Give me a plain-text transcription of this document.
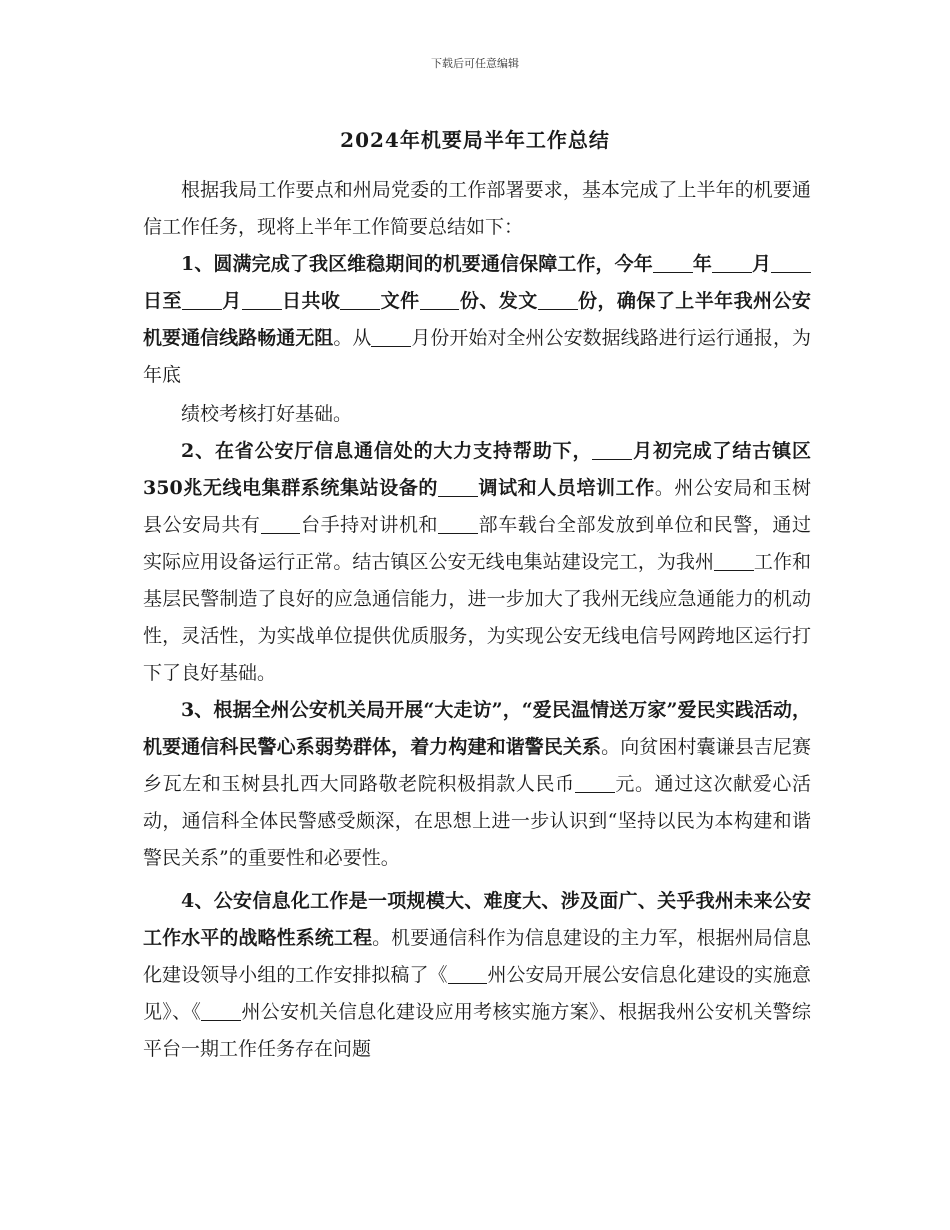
下载后可任意编辑
2024年机要局半年工作总结

根据我局工作要点和州局党委的工作部署要求，基本完成了上半年的机要通信工作任务，现将上半年工作简要总结如下：

1、圆满完成了我区维稳期间的机要通信保障工作，今年 年 月日至 月 日共收 文件 份、发文 份，确保了上半年我州公安机要通信线路畅通无阻。从 月份开始对全州公安数据线路进行运行通报，为年底

绩校考核打好基础。

2、在省公安厅信息通信处的大力支持帮助下， 月初完成了结古镇区350兆无线电集群系统集站设备的 调试和人员培训工作。州公安局和玉树县公安局共有 台手持对讲机和 部车载台全部发放到单位和民警，通过实际应用设备运行正常。结古镇区公安无线电集站建设完工，为我州 工作和基层民警制造了良好的应急通信能力，进一步加大了我州无线应急通能力的机动性，灵活性，为实战单位提供优质服务，为实现公安无线电信号网跨地区运行打下了良好基础。

3、根据全州公安机关局开展“大走访”，“爱民温情送万家”爱民实践活动，机要通信科民警心系弱势群体，着力构建和谐警民关系。向贫困村囊谦县吉尼赛乡瓦左和玉树县扎西大同路敬老院积极捐款人民币 元。通过这次献爱心活动，通信科全体民警感受颇深，在思想上进一步认识到“坚持以民为本构建和谐警民关系”的重要性和必要性。

4、公安信息化工作是一项规模大、难度大、涉及面广、关乎我州未来公安工作水平的战略性系统工程。机要通信科作为信息建设的主力军，根据州局信息化建设领导小组的工作安排拟稿了《 州公安局开展公安信息化建设的实施意见》、《 州公安机关信息化建设应用考核实施方案》、根据我州公安机关警综平台一期工作任务存在问题
